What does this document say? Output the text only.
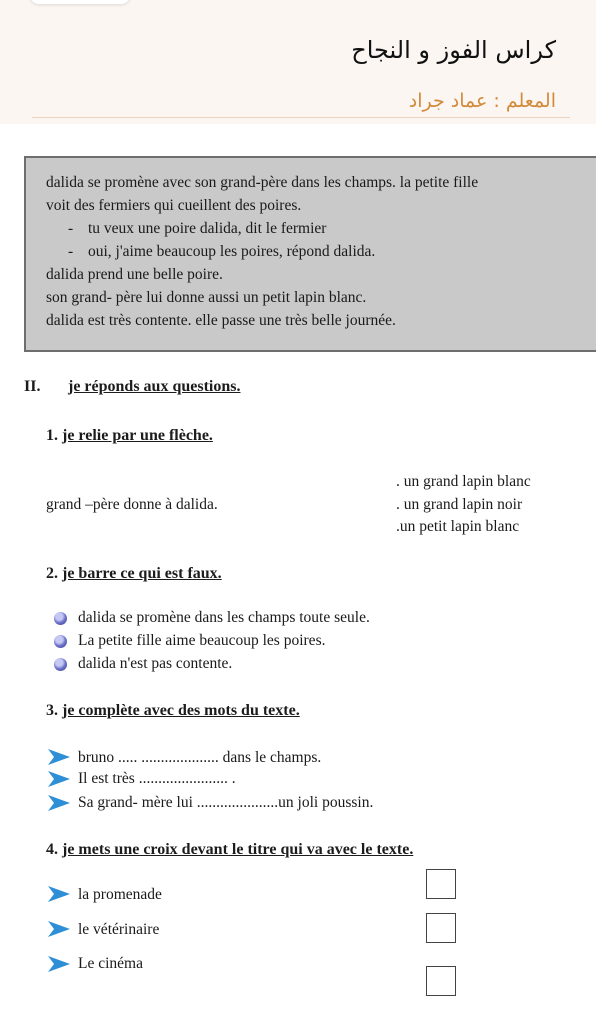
كراس الفوز و النجاح
المعلم : عماد جراد
dalida se promène avec son grand-père dans les champs. la petite fille
voit des fermiers qui cueillent des poires.
- tu veux une poire dalida, dit le fermier
- oui, j'aime beaucoup les poires, répond dalida.
dalida prend une belle poire.
son grand- père lui donne aussi un petit lapin blanc.
dalida est très contente. elle passe une très belle journée.
II. je réponds aux questions.
1. je relie par une flèche.
grand –père donne à dalida.
. un grand lapin blanc
. un grand lapin noir
.un petit lapin blanc
2. je barre ce qui est faux.
dalida se promène dans les champs toute seule.
La petite fille aime beaucoup les poires.
dalida n'est pas contente.
3. je complète avec des mots du texte.
bruno ..... .................... dans le champs.
Il est très ....................... .
Sa grand- mère lui .....................un joli poussin.
4. je mets une croix devant le titre qui va avec le texte.
la promenade
le vétérinaire
Le cinéma
